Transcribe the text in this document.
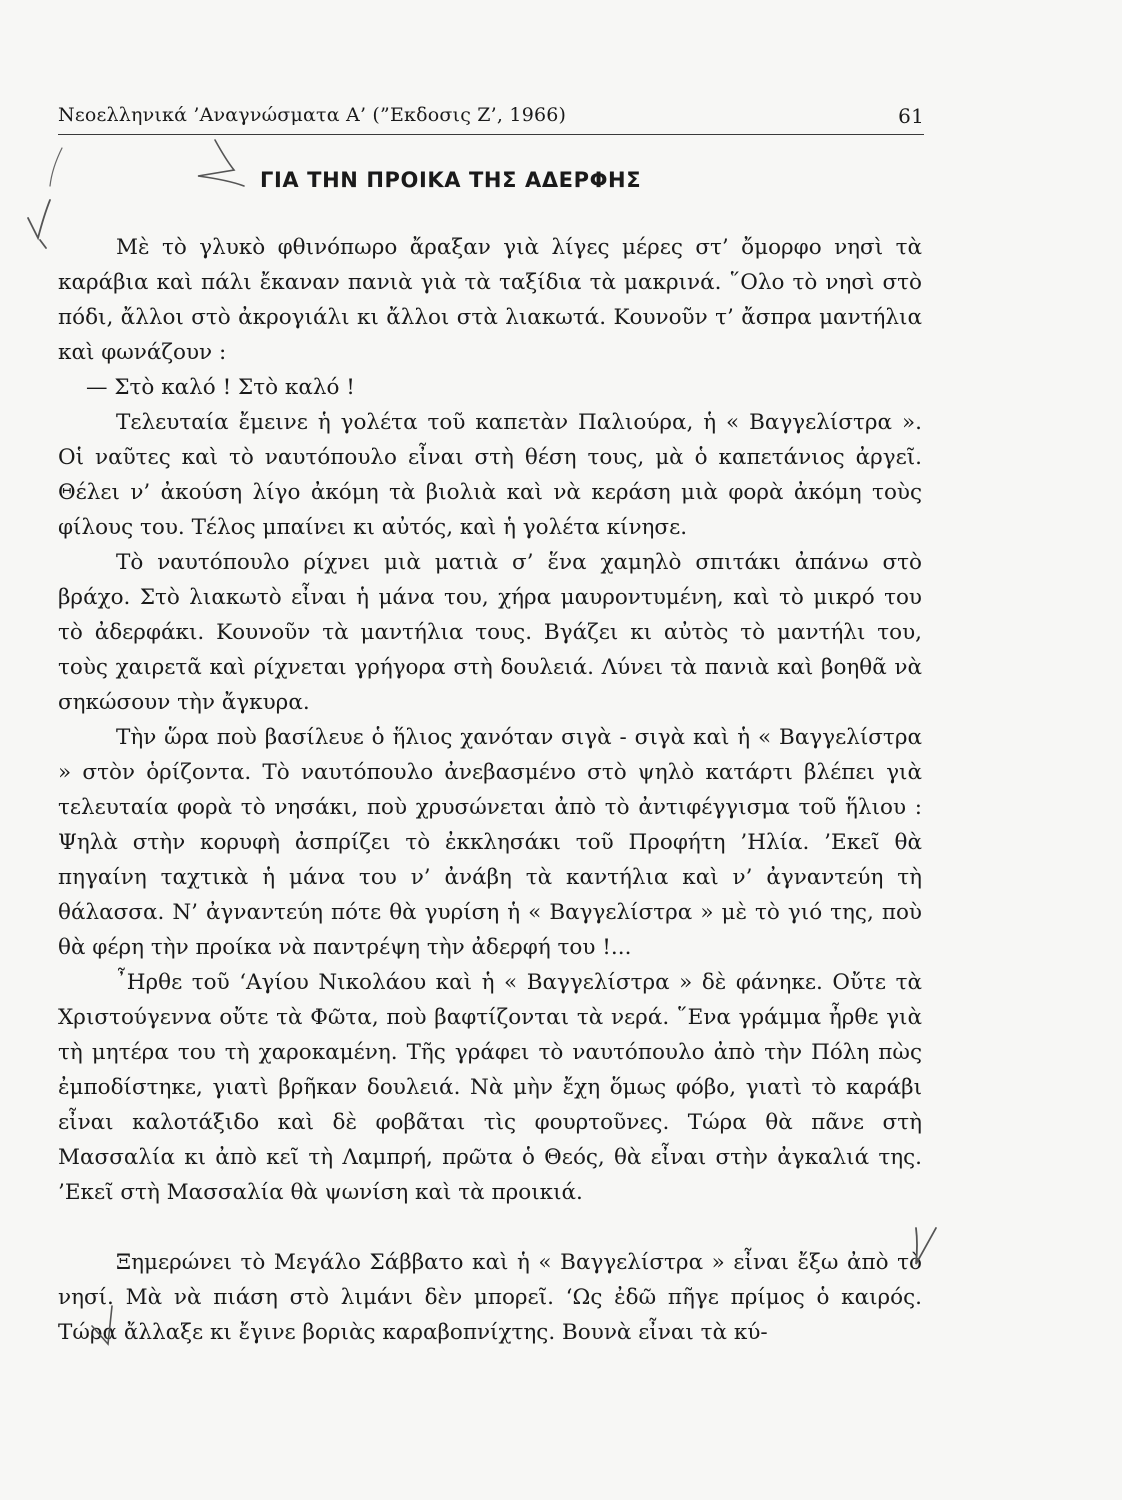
Νεοελληνικά ’Αναγνώσματα Α’ (”Εκδοσις Ζ’, 1966)	61
ΓΙΑ ΤΗΝ ΠΡΟΙΚΑ ΤΗΣ ΑΔΕΡΦΗΣ

Μὲ τὸ γλυκὸ φθινόπωρο ἄραξαν γιὰ λίγες μέρες στ’ ὄμορφο νησὶ τὰ καράβια καὶ πάλι ἔκαναν πανιὰ γιὰ τὰ ταξίδια τὰ μακρινά. ῞Ολο τὸ νησὶ στὸ πόδι, ἄλλοι στὸ ἀκρογιάλι κι ἄλλοι στὰ λιακωτά. Κουνοῦν τ’ ἄσπρα μαντήλια καὶ φωνάζουν :

— Στὸ καλό ! Στὸ καλό !

Τελευταία ἔμεινε ἡ γολέτα τοῦ καπετὰν Παλιούρα, ἡ « Βαγγελίστρα ». Οἱ ναῦτες καὶ τὸ ναυτόπουλο εἶναι στὴ θέση τους, μὰ ὁ καπετάνιος ἀργεῖ. Θέλει ν’ ἀκούση λίγο ἀκόμη τὰ βιολιὰ καὶ νὰ κεράση μιὰ φορὰ ἀκόμη τοὺς φίλους του. Τέλος μπαίνει κι αὐτός, καὶ ἡ γολέτα κίνησε.

Τὸ ναυτόπουλο ρίχνει μιὰ ματιὰ σ’ ἕνα χαμηλὸ σπιτάκι ἀπάνω στὸ βράχο. Στὸ λιακωτὸ εἶναι ἡ μάνα του, χήρα μαυροντυμένη, καὶ τὸ μικρό του τὸ ἀδερφάκι. Κουνοῦν τὰ μαντήλια τους. Βγάζει κι αὐτὸς τὸ μαντήλι του, τοὺς χαιρετᾶ καὶ ρίχνεται γρήγορα στὴ δουλειά. Λύνει τὰ πανιὰ καὶ βοηθᾶ νὰ σηκώσουν τὴν ἄγκυρα.

Τὴν ὥρα ποὺ βασίλευε ὁ ἥλιος χανόταν σιγὰ - σιγὰ καὶ ἡ « Βαγγελίστρα » στὸν ὁρίζοντα. Τὸ ναυτόπουλο ἀνεβασμένο στὸ ψηλὸ κατάρτι βλέπει γιὰ τελευταία φορὰ τὸ νησάκι, ποὺ χρυσώνεται ἀπὸ τὸ ἀντιφέγγισμα τοῦ ἥλιου : Ψηλὰ στὴν κορυφὴ ἀσπρίζει τὸ ἐκκλησάκι τοῦ Προφήτη ’Ηλία. ’Εκεῖ θὰ πηγαίνη ταχτικὰ ἡ μάνα του ν’ ἀνάβη τὰ καντήλια καὶ ν’ ἀγναντεύη τὴ θάλασσα. Ν’ ἀγναντεύη πότε θὰ γυρίση ἡ « Βαγγελίστρα » μὲ τὸ γιό της, ποὺ θὰ φέρη τὴν προίκα νὰ παντρέψη τὴν ἀδερφή του !...

῏Ηρθε τοῦ ‘Αγίου Νικολάου καὶ ἡ « Βαγγελίστρα » δὲ φάνηκε. Οὔτε τὰ Χριστούγεννα οὔτε τὰ Φῶτα, ποὺ βαφτίζονται τὰ νερά. ῞Ενα γράμμα ἦρθε γιὰ τὴ μητέρα του τὴ χαροκαμένη. Τῆς γράφει τὸ ναυτόπουλο ἀπὸ τὴν Πόλη πὼς ἐμποδίστηκε, γιατὶ βρῆκαν δουλειά. Νὰ μὴν ἔχη ὅμως φόβο, γιατὶ τὸ καράβι εἶναι καλοτάξιδο καὶ δὲ φοβᾶται τὶς φουρτοῦνες. Τώρα θὰ πᾶνε στὴ Μασσαλία κι ἀπὸ κεῖ τὴ Λαμπρή, πρῶτα ὁ Θεός, θὰ εἶναι στὴν ἀγκαλιά της. ’Εκεῖ στὴ Μασσαλία θὰ ψωνίση καὶ τὰ προικιά.

Ξημερώνει τὸ Μεγάλο Σάββατο καὶ ἡ « Βαγγελίστρα » εἶναι ἔξω ἀπὸ τὸ νησί. Μὰ νὰ πιάση στὸ λιμάνι δὲν μπορεῖ. ‘Ως ἐδῶ πῆγε πρίμος ὁ καιρός. Τώρα ἄλλαξε κι ἔγινε βοριὰς καραβοπνίχτης. Βουνὰ εἶναι τὰ κύ-
